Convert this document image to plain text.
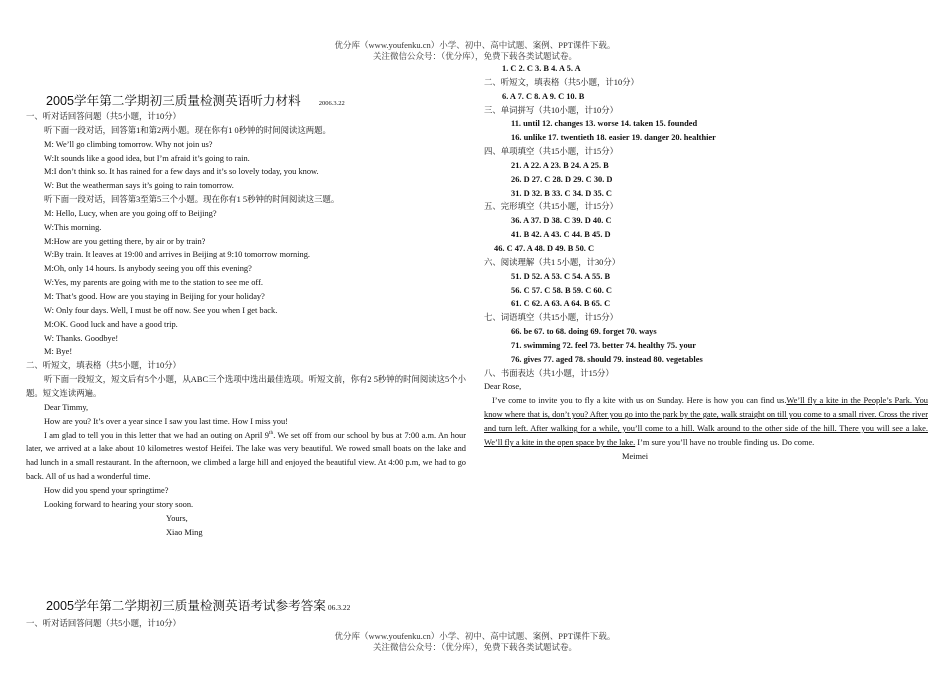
优分库（www.youfenku.cn）小学、初中、高中试题、案例、PPT课件下载。
关注微信公众号：（优分库），免费下载各类试题试卷。
2005学年第二学期初三质量检测英语听力材料	2006.3.22
一、听对话回答问题（共5小题，计10分）
听下面一段对话，回答第1和第2两小题。现在你有1 0秒钟的时间阅读这两题。
M: We’ll go climbing tomorrow. Why not join us?
W:It sounds like a good idea, but I’m afraid it’s going to rain.
M:I don’t think so. It has rained for a few days and it’s so lovely today, you know.
W: But the weatherman says it’s going to rain tomorrow.
听下面一段对话，回答第3至第5三个小题。现在你有1 5秒钟的时间阅读这三题。
M: Hello, Lucy, when are you going off to Beijing?
W:This morning.
M:How are you getting there, by air or by train?
W:By train. It leaves at 19:00 and arrives in Beijing at 9:10 tomorrow morning.
M:Oh, only 14 hours. Is anybody seeing you off this evening?
W:Yes, my parents are going with me to the station to see me off.
M: That’s good. How are you staying in Beijing for your holiday?
W: Only four days. Well, I must be off now. See you when I get back.
M:OK. Good luck and have a good trip.
W: Thanks. Goodbye!
M: Bye!
二、听短文，填表格（共5小题，计10分）
听下面一段短文，短文后有5个小题，从ABC三个选项中选出最佳选项。听短文前，你有2 5秒钟的时间阅读这5个小题。短文连读两遍。
Dear Timmy,
How are you? It’s over a year since I saw you last time. How I miss you!
I am glad to tell you in this letter that we had an outing on April 9th. We set off from our school by bus at 7:00 a.m. An hour later, we arrived at a lake about 10 kilometres westof Heifei. The lake was very beautiful. We rowed small boats on the lake and had lunch in a small restaurant. In the afternoon, we climbed a large hill and enjoyed the beautiful view. At 4:00 p.m, we had to go back. All of us had a wonderful time.
How did you spend your springtime?
Looking forward to hearing your story soon.
Yours,
Xiao Ming
2005学年第二学期初三质量检测英语考试参考答案 06.3.22
一、听对话回答问题（共5小题，计10分）
1. C 2. C 3. B 4. A 5. A
二、听短文，填表格（共5小题，计10分）
6. A 7. C 8. A 9. C 10. B
三、单词拼写（共10小题，计10分）
11. until 12. changes 13. worse 14. taken 15. founded
16. unlike 17. twentieth 18. easier 19. danger 20. healthier
四、单项填空（共15小题，计15分）
21. A 22. A 23. B 24. A 25. B
26. D 27. C 28. D 29. C 30. D
31. D 32. B 33. C 34. D 35. C
五、完形填空（共15小题，计15分）
36. A 37. D 38. C 39. D 40. C
41. B 42. A 43. C 44. B 45. D
46. C 47. A 48. D 49. B 50. C
六、阅读理解（共1 5小题，计30分）
51. D 52. A 53. C 54. A 55. B
56. C 57. C 58. B 59. C 60. C
61. C 62. A 63. A 64. B 65. C
七、词语填空（共15小题，计15分）
66. be 67. to 68. doing 69. forget 70. ways
71. swimming 72. feel 73. better 74. healthy 75. your
76. gives 77. aged 78. should 79. instead 80. vegetables
八、书面表达（共1小题，计15分）
Dear Rose,
I’ve come to invite you to fly a kite with us on Sunday. Here is how you can find us.We’ll fly a kite in the People’s Park. You know where that is, don’t you? After you go into the park by the gate, walk straight on till you come to a small river. Cross the river and turn left. After walking for a while, you’ll come to a hill. Walk around to the other side of the hill. There you will see a lake. We’ll fly a kite in the open space by the lake. I’m sure you’ll have no trouble finding us. Do come.
Meimei
优分库（www.youfenku.cn）小学、初中、高中试题、案例、PPT课件下载。
关注微信公众号：（优分库），免费下载各类试题试卷。
